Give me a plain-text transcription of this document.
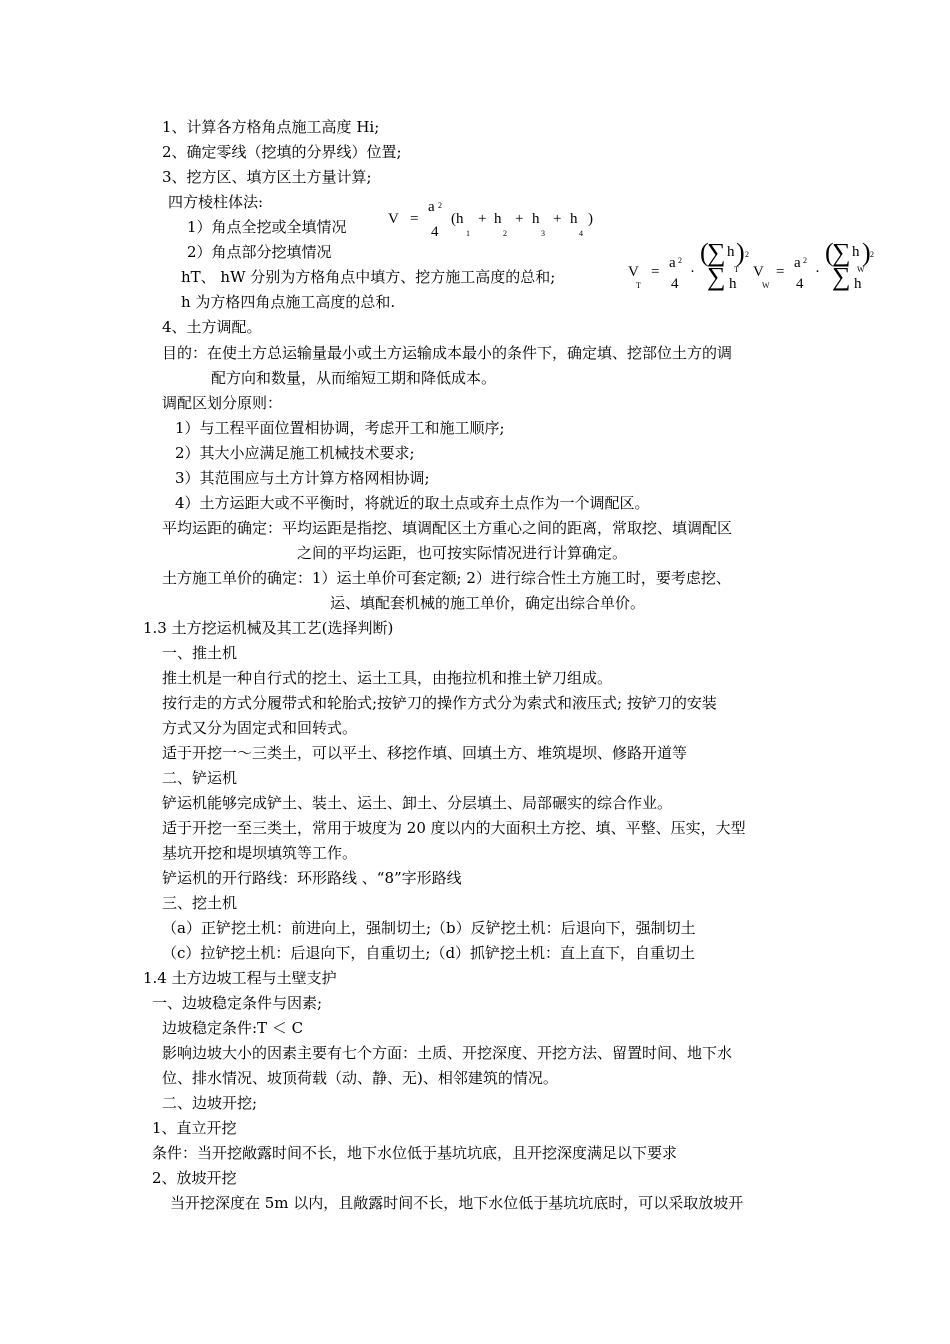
1、计算各方格角点施工高度 Hi;
2、确定零线（挖填的分界线）位置;
3、挖方区、填方区土方量计算;
四方棱柱体法:
1）角点全挖或全填情况	V =
a 2
4
( h
1
+ h
2
+ h
3
+ h
4
)
2）角点部分挖填情况
hT、 hW 分别为方格角点中填方、挖方施工高度的总和;	V
T
=
a 2
4
·
(
∑ h ) 2
T
∑ h
V
W
=
a 2
4
·
(
∑ h ) 2
W
∑ h
h 为方格四角点施工高度的总和.
4、土方调配。
目的：在使土方总运输量最小或土方运输成本最小的条件下，确定填、挖部位土方的调
配方向和数量，从而缩短工期和降低成本。
调配区划分原则：
1）与工程平面位置相协调，考虑开工和施工顺序;
2）其大小应满足施工机械技术要求;
3）其范围应与土方计算方格网相协调;
4）土方运距大或不平衡时，将就近的取土点或弃土点作为一个调配区。
平均运距的确定：平均运距是指挖、填调配区土方重心之间的距离，常取挖、填调配区
之间的平均运距，也可按实际情况进行计算确定。
土方施工单价的确定：1）运土单价可套定额; 2）进行综合性土方施工时，要考虑挖、
运、填配套机械的施工单价，确定出综合单价。
1.3 土方挖运机械及其工艺(选择判断)
一、推土机
推土机是一种自行式的挖土、运土工具，由拖拉机和推土铲刀组成。
按行走的方式分履带式和轮胎式;按铲刀的操作方式分为索式和液压式; 按铲刀的安装
方式又分为固定式和回转式。
适于开挖一～三类土，可以平土、移挖作填、回填土方、堆筑堤坝、修路开道等
二、铲运机
铲运机能够完成铲土、装土、运土、卸土、分层填土、局部碾实的综合作业。
适于开挖一至三类土，常用于坡度为 20 度以内的大面积土方挖、填、平整、压实，大型
基坑开挖和堤坝填筑等工作。
铲运机的开行路线：环形路线 、“8”字形路线
三、挖土机
（a）正铲挖土机：前进向上，强制切土;（b）反铲挖土机：后退向下，强制切土
（c）拉铲挖土机：后退向下，自重切土;（d）抓铲挖土机：直上直下，自重切土
1.4 土方边坡工程与土壁支护
一、边坡稳定条件与因素;
边坡稳定条件:T ＜ C
影响边坡大小的因素主要有七个方面：土质、开挖深度、开挖方法、留置时间、地下水
位、排水情况、坡顶荷载（动、静、无)、相邻建筑的情况。
二、边坡开挖;
1、直立开挖
条件：当开挖敞露时间不长，地下水位低于基坑坑底，且开挖深度满足以下要求
2、放坡开挖
当开挖深度在 5m 以内，且敞露时间不长，地下水位低于基坑坑底时，可以采取放坡开
